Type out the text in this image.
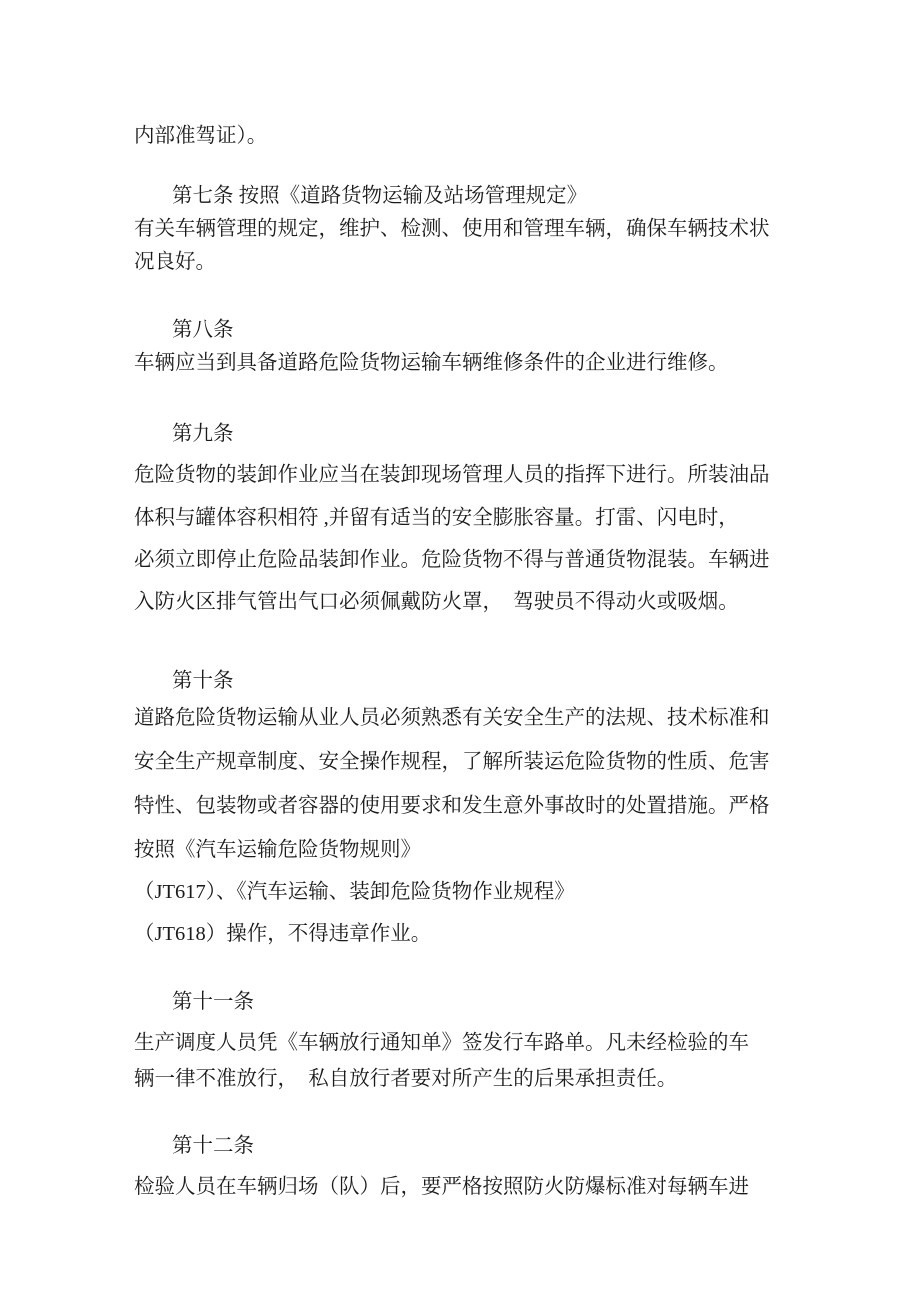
内部准驾证）。
第七条 按照《道路货物运输及站场管理规定》
有关车辆管理的规定，维护、检测、使用和管理车辆，确保车辆技术状
况良好。
第八条
车辆应当到具备道路危险货物运输车辆维修条件的企业进行维修。
第九条
危险货物的装卸作业应当在装卸现场管理人员的指挥下进行。所装油品
体积与罐体容积相符 ,并留有适当的安全膨胀容量。打雷、闪电时，
必须立即停止危险品装卸作业。危险货物不得与普通货物混装。车辆进
入防火区排气管出气口必须佩戴防火罩，　驾驶员不得动火或吸烟。
第十条
道路危险货物运输从业人员必须熟悉有关安全生产的法规、技术标准和
安全生产规章制度、安全操作规程，了解所装运危险货物的性质、危害
特性、包装物或者容器的使用要求和发生意外事故时的处置措施。严格
按照《汽车运输危险货物规则》
（JT617）、《汽车运输、装卸危险货物作业规程》
（JT618）操作，不得违章作业。
第十一条
生产调度人员凭《车辆放行通知单》签发行车路单。凡未经检验的车
辆一律不准放行，　私自放行者要对所产生的后果承担责任。
第十二条
检验人员在车辆归场（队）后，要严格按照防火防爆标准对每辆车进
